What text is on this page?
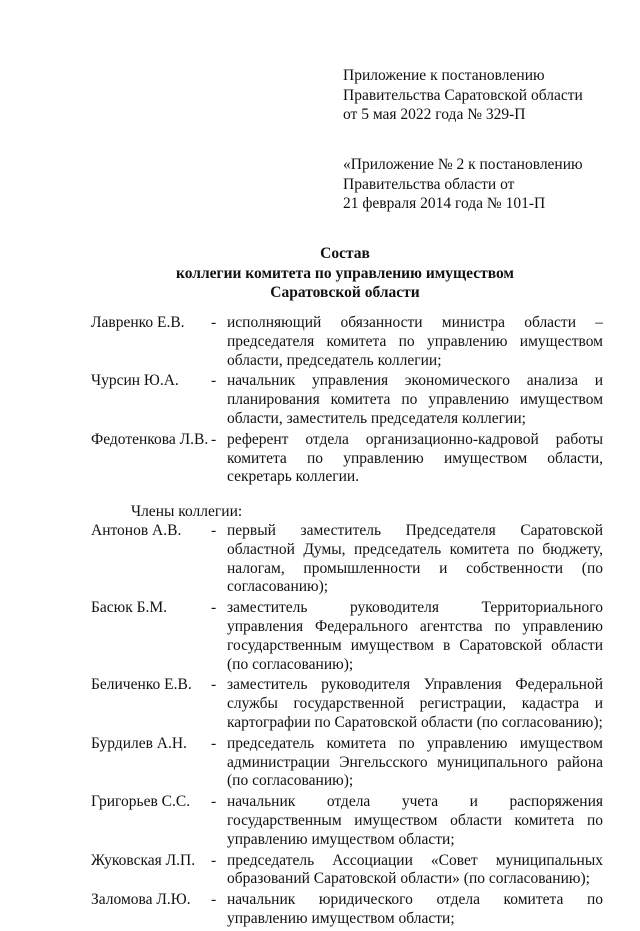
Приложение к постановлению
Правительства Саратовской области
от 5 мая 2022 года № 329-П
«Приложение № 2 к постановлению
Правительства области от
21 февраля 2014 года № 101-П
Состав
коллегии комитета по управлению имуществом
Саратовской области
Лавренко Е.В.	- исполняющий обязанности министра области – председателя комитета по управлению имуществом области, председатель коллегии;
Чурсин Ю.А.	- начальник управления экономического анализа и планирования комитета по управлению имуществом области, заместитель председателя коллегии;
Федотенкова Л.В. - референт отдела организационно-кадровой работы комитета по управлению имуществом области, секретарь коллегии.
Члены коллегии:
Антонов А.В.	- первый заместитель Председателя Саратовской областной Думы, председатель комитета по бюджету, налогам, промышленности и собственности (по согласованию);
Басюк Б.М.	- заместитель руководителя Территориального управления Федерального агентства по управлению государственным имуществом в Саратовской области (по согласованию);
Беличенко Е.В.	- заместитель руководителя Управления Федеральной службы государственной регистрации, кадастра и картографии по Саратовской области (по согласованию);
Бурдилев А.Н.	- председатель комитета по управлению имуществом администрации Энгельсского муниципального района (по согласованию);
Григорьев С.С.	- начальник отдела учета и распоряжения государственным имуществом области комитета по управлению имуществом области;
Жуковская Л.П.	- председатель Ассоциации «Совет муниципальных образований Саратовской области» (по согласованию);
Заломова Л.Ю.	- начальник юридического отдела комитета по управлению имуществом области;
